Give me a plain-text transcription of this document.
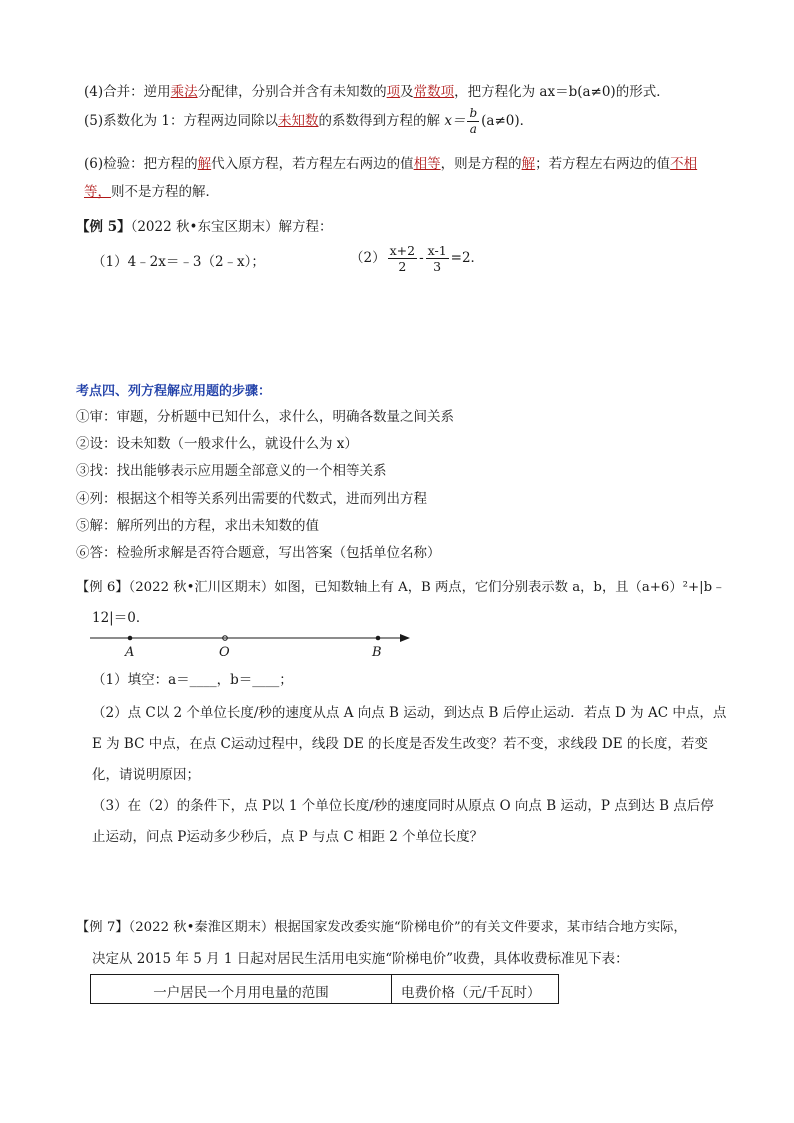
(4)合并：逆用乘法分配律，分别合并含有未知数的项及常数项，把方程化为 ax＝b(a≠0)的形式．
(5)系数化为 1：方程两边同除以未知数的系数得到方程的解 $x= \frac{b}{a} (a\ne 0)$．
(6)检验：把方程的解代入原方程，若方程左右两边的值相等，则是方程的解；若方程左右两边的值不相
等，则不是方程的解．
【例 5】（2022 秋•东宝区期末）解方程：
（1）4﹣2x＝﹣3（2﹣x）；	$(2) \frac{x+2}{2} - \frac{x-1}{3} =2$．
考点四、列方程解应用题的步骤：
①审：审题，分析题中已知什么，求什么，明确各数量之间关系
②设：设未知数（一般求什么，就设什么为 x）
③找：找出能够表示应用题全部意义的一个相等关系
④列：根据这个相等关系列出需要的代数式，进而列出方程
⑤解：解所列出的方程，求出未知数的值
⑥答：检验所求解是否符合题意，写出答案（包括单位名称）
【例 6】（2022 秋•汇川区期末）如图，已知数轴上有 A，B 两点，它们分别表示数 a，b，且（a+6）²+|b﹣
12|＝0．
A	O	B
（1）填空：a＝____，b＝____；
（2）点 C以 2 个单位长度/秒的速度从点 A 向点 B 运动，到达点 B 后停止运动．若点 D 为 AC 中点，点
E 为 BC 中点，在点 C运动过程中，线段 DE 的长度是否发生改变？若不变，求线段 DE 的长度，若变
化，请说明原因；
（3）在（2）的条件下，点 P以 1 个单位长度/秒的速度同时从原点 O 向点 B 运动，P 点到达 B 点后停
止运动，问点 P运动多少秒后，点 P 与点 C 相距 2 个单位长度？
【例 7】（2022 秋•秦淮区期末）根据国家发改委实施“阶梯电价”的有关文件要求，某市结合地方实际，
决定从 2015 年 5 月 1 日起对居民生活用电实施“阶梯电价”收费，具体收费标准见下表：
一户居民一个月用电量的范围	电费价格（元/千瓦时）
